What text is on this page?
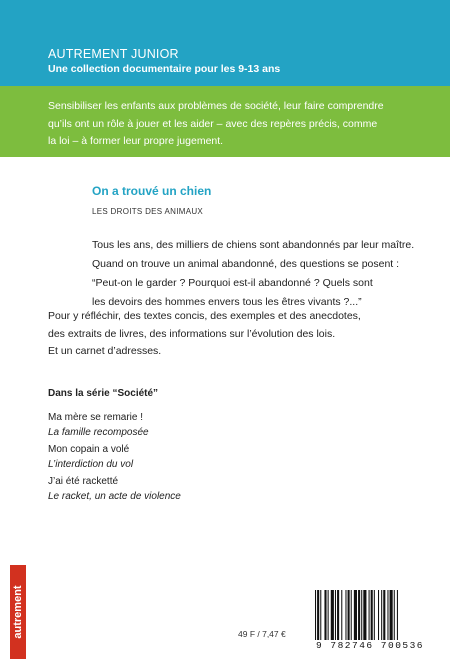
AUTREMENT JUNIOR
Une collection documentaire pour les 9-13 ans
Sensibiliser les enfants aux problèmes de société, leur faire comprendre
qu’ils ont un rôle à jouer et les aider – avec des repères précis, comme
la loi – à former leur propre jugement.
On a trouvé un chien
LES DROITS DES ANIMAUX
Tous les ans, des milliers de chiens sont abandonnés par leur maître.
Quand on trouve un animal abandonné, des questions se posent :
“Peut-on le garder ? Pourquoi est-il abandonné ? Quels sont
les devoirs des hommes envers tous les êtres vivants ?...”
Pour y réfléchir, des textes concis, des exemples et des anecdotes,
des extraits de livres, des informations sur l’évolution des lois.
Et un carnet d’adresses.
Dans la série “Société”
Ma mère se remarie !
La famille recomposée
Mon copain a volé
L’interdiction du vol
J’ai été racketté
Le racket, un acte de violence
autrement	49 F / 7,47 €
9 782746 700536
